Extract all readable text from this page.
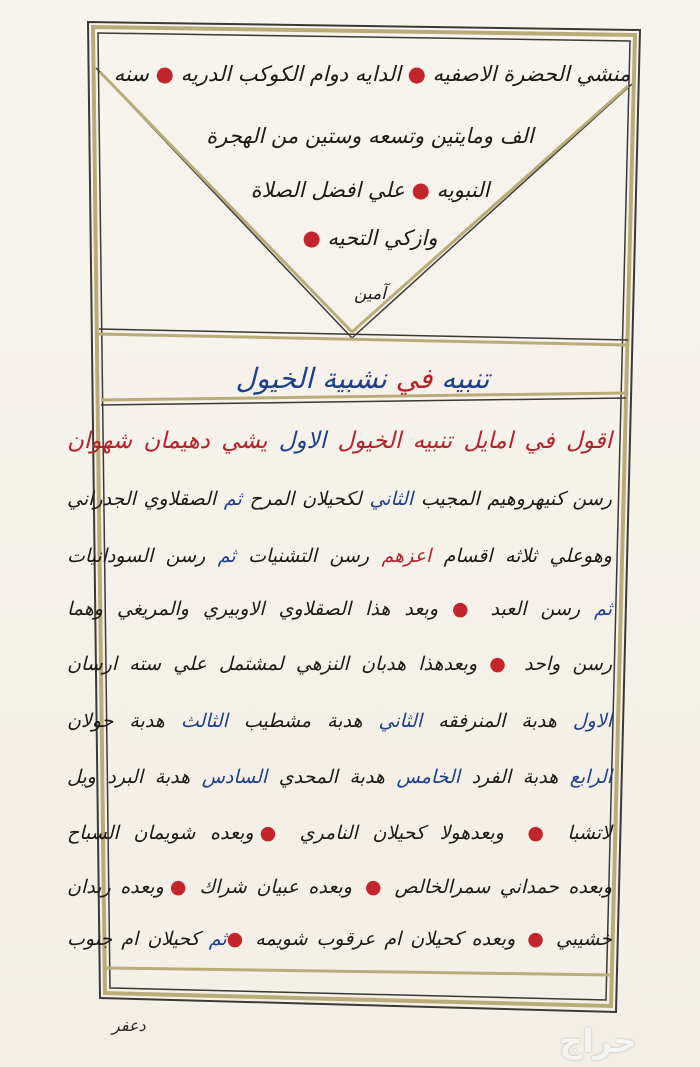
منشي الحضرة الاصفيه ● الدايه دوام الكوكب الدريه ● سنه
الف ومايتين وتسعه وستين من الهجرة
النبويه ● علي افضل الصلاة
وازكي التحيه ●
آمين
تنبيه في نشبية الخيول
اقول في امايل تنبيه الخيول الاول يشي دهيمان شهوان
رسن كنيهروهيم المجيب الثاني لكحيلان المرح ثم الصقلاوي الجدراني
وهوعلي ثلاثه اقسام اعزهم رسن التشنيات ثم رسن السودانيات
ثم رسن العبد ● وبعد هذا الصقلاوي الاوبيري والمريغي وهما
رسن واحد ● وبعدهذا هدبان النزهي لمشتمل علي سته ارسان
الاول هدبة المنرفقه الثاني هدبة مشطيب الثالث هدبة جولان
الرابع هدبة الفرد الخامس هدبة المحدي السادس هدبة البرد ويل
لاتشبا ● وبعدهولا كحيلان النامري ● وبعده شويمان السباح
وبعده حمداني سمرالخالص ● وبعده عبيان شراك ● وبعده ربدان
خشيبي ● وبعده كحيلان ام عرقوب شويمه ●ثم كحيلان ام جنوب
دعفر	حراج
